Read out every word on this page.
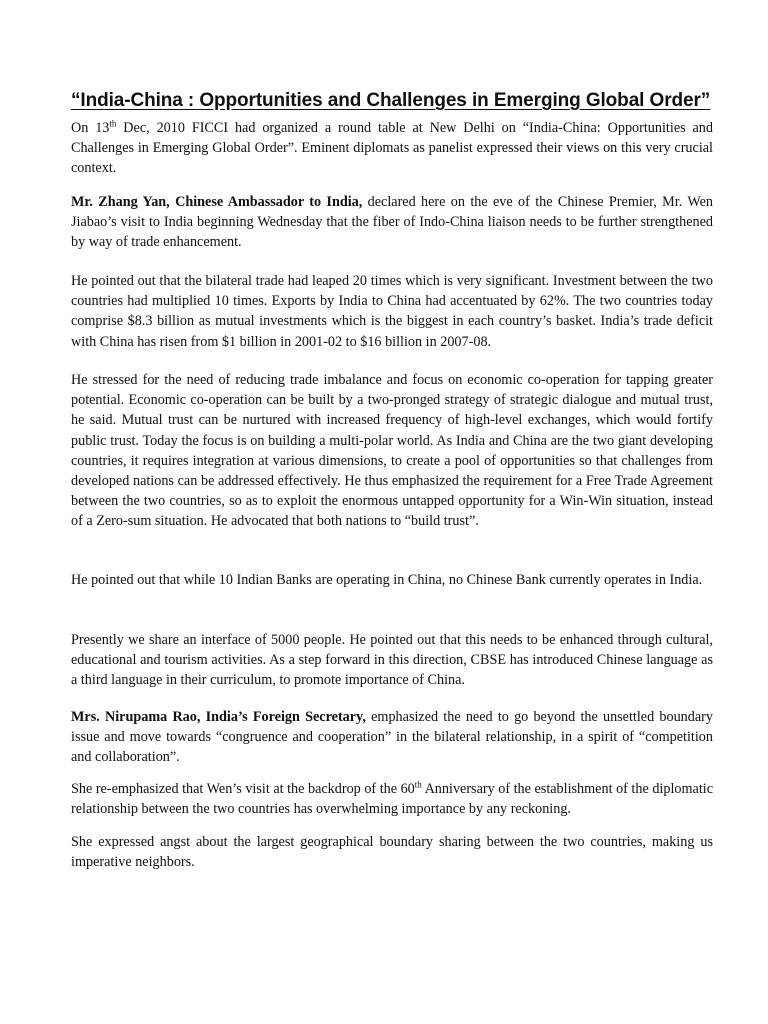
“India-China : Opportunities and Challenges in Emerging Global Order”

On 13th Dec, 2010 FICCI had organized a round table at New Delhi on “India-China: Opportunities and Challenges in Emerging Global Order”. Eminent diplomats as panelist expressed their views on this very crucial context.

Mr. Zhang Yan, Chinese Ambassador to India, declared here on the eve of the Chinese Premier, Mr. Wen Jiabao’s visit to India beginning Wednesday that the fiber of Indo-China liaison needs to be further strengthened by way of trade enhancement.

He pointed out that the bilateral trade had leaped 20 times which is very significant. Investment between the two countries had multiplied 10 times. Exports by India to China had accentuated by 62%. The two countries today comprise $8.3 billion as mutual investments which is the biggest in each country’s basket. India’s trade deficit with China has risen from $1 billion in 2001-02 to $16 billion in 2007-08.

He stressed for the need of reducing trade imbalance and focus on economic co-operation for tapping greater potential. Economic co-operation can be built by a two-pronged strategy of strategic dialogue and mutual trust, he said. Mutual trust can be nurtured with increased frequency of high-level exchanges, which would fortify public trust. Today the focus is on building a multi-polar world. As India and China are the two giant developing countries, it requires integration at various dimensions, to create a pool of opportunities so that challenges from developed nations can be addressed effectively. He thus emphasized the requirement for a Free Trade Agreement between the two countries, so as to exploit the enormous untapped opportunity for a Win-Win situation, instead of a Zero-sum situation. He advocated that both nations to “build trust”.

He pointed out that while 10 Indian Banks are operating in China, no Chinese Bank currently operates in India.

Presently we share an interface of 5000 people. He pointed out that this needs to be enhanced through cultural, educational and tourism activities. As a step forward in this direction, CBSE has introduced Chinese language as a third language in their curriculum, to promote importance of China.

Mrs. Nirupama Rao, India’s Foreign Secretary, emphasized the need to go beyond the unsettled boundary issue and move towards “congruence and cooperation” in the bilateral relationship, in a spirit of “competition and collaboration”.

She re-emphasized that Wen’s visit at the backdrop of the 60th Anniversary of the establishment of the diplomatic relationship between the two countries has overwhelming importance by any reckoning.

She expressed angst about the largest geographical boundary sharing between the two countries, making us imperative neighbors.
